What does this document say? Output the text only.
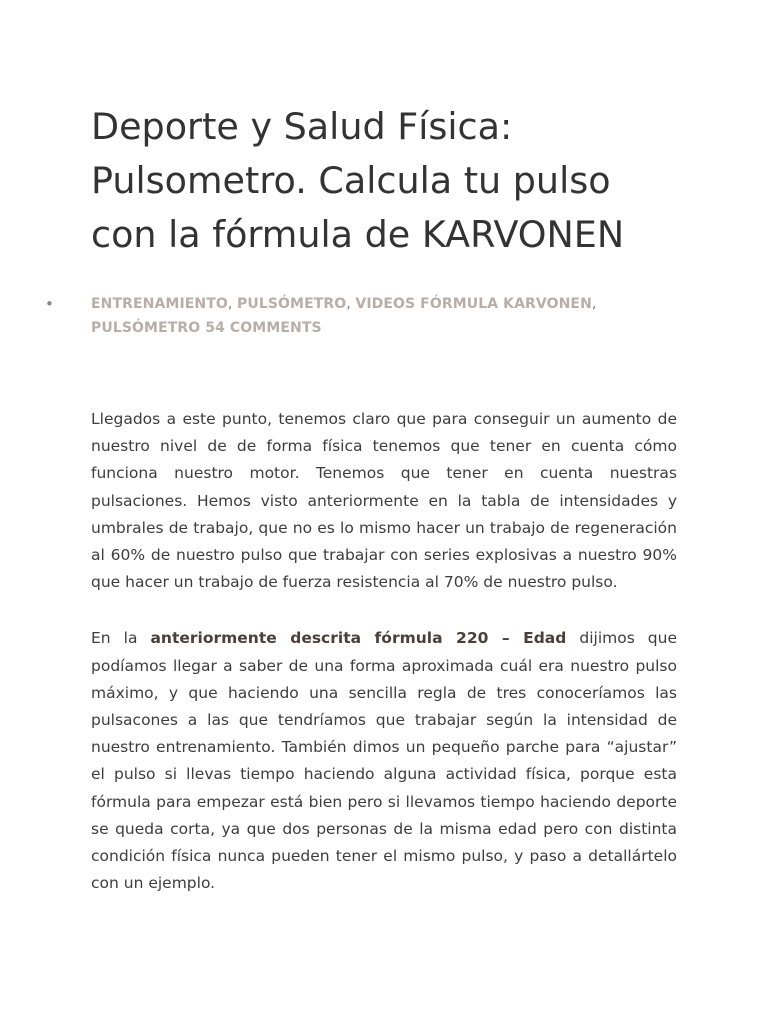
Deporte y Salud Física: Pulsometro. Calcula tu pulso con la fórmula de KARVONEN
•	ENTRENAMIENTO, PULSÓMETRO, VIDEOS FÓRMULA KARVONEN, PULSÓMETRO 54 COMMENTS

Llegados a este punto, tenemos claro que para conseguir un aumento de nuestro nivel de de forma física tenemos que tener en cuenta cómo funciona nuestro motor. Tenemos que tener en cuenta nuestras pulsaciones. Hemos visto anteriormente en la tabla de intensidades y umbrales de trabajo, que no es lo mismo hacer un trabajo de regeneración al 60% de nuestro pulso que trabajar con series explosivas a nuestro 90% que hacer un trabajo de fuerza resistencia al 70% de nuestro pulso.

En la anteriormente descrita fórmula 220 – Edad dijimos que podíamos llegar a saber de una forma aproximada cuál era nuestro pulso máximo, y que haciendo una sencilla regla de tres conoceríamos las pulsacones a las que tendríamos que trabajar según la intensidad de nuestro entrenamiento. También dimos un pequeño parche para “ajustar” el pulso si llevas tiempo haciendo alguna actividad física, porque esta fórmula para empezar está bien pero si llevamos tiempo haciendo deporte se queda corta, ya que dos personas de la misma edad pero con distinta condición física nunca pueden tener el mismo pulso, y paso a detallártelo con un ejemplo.
